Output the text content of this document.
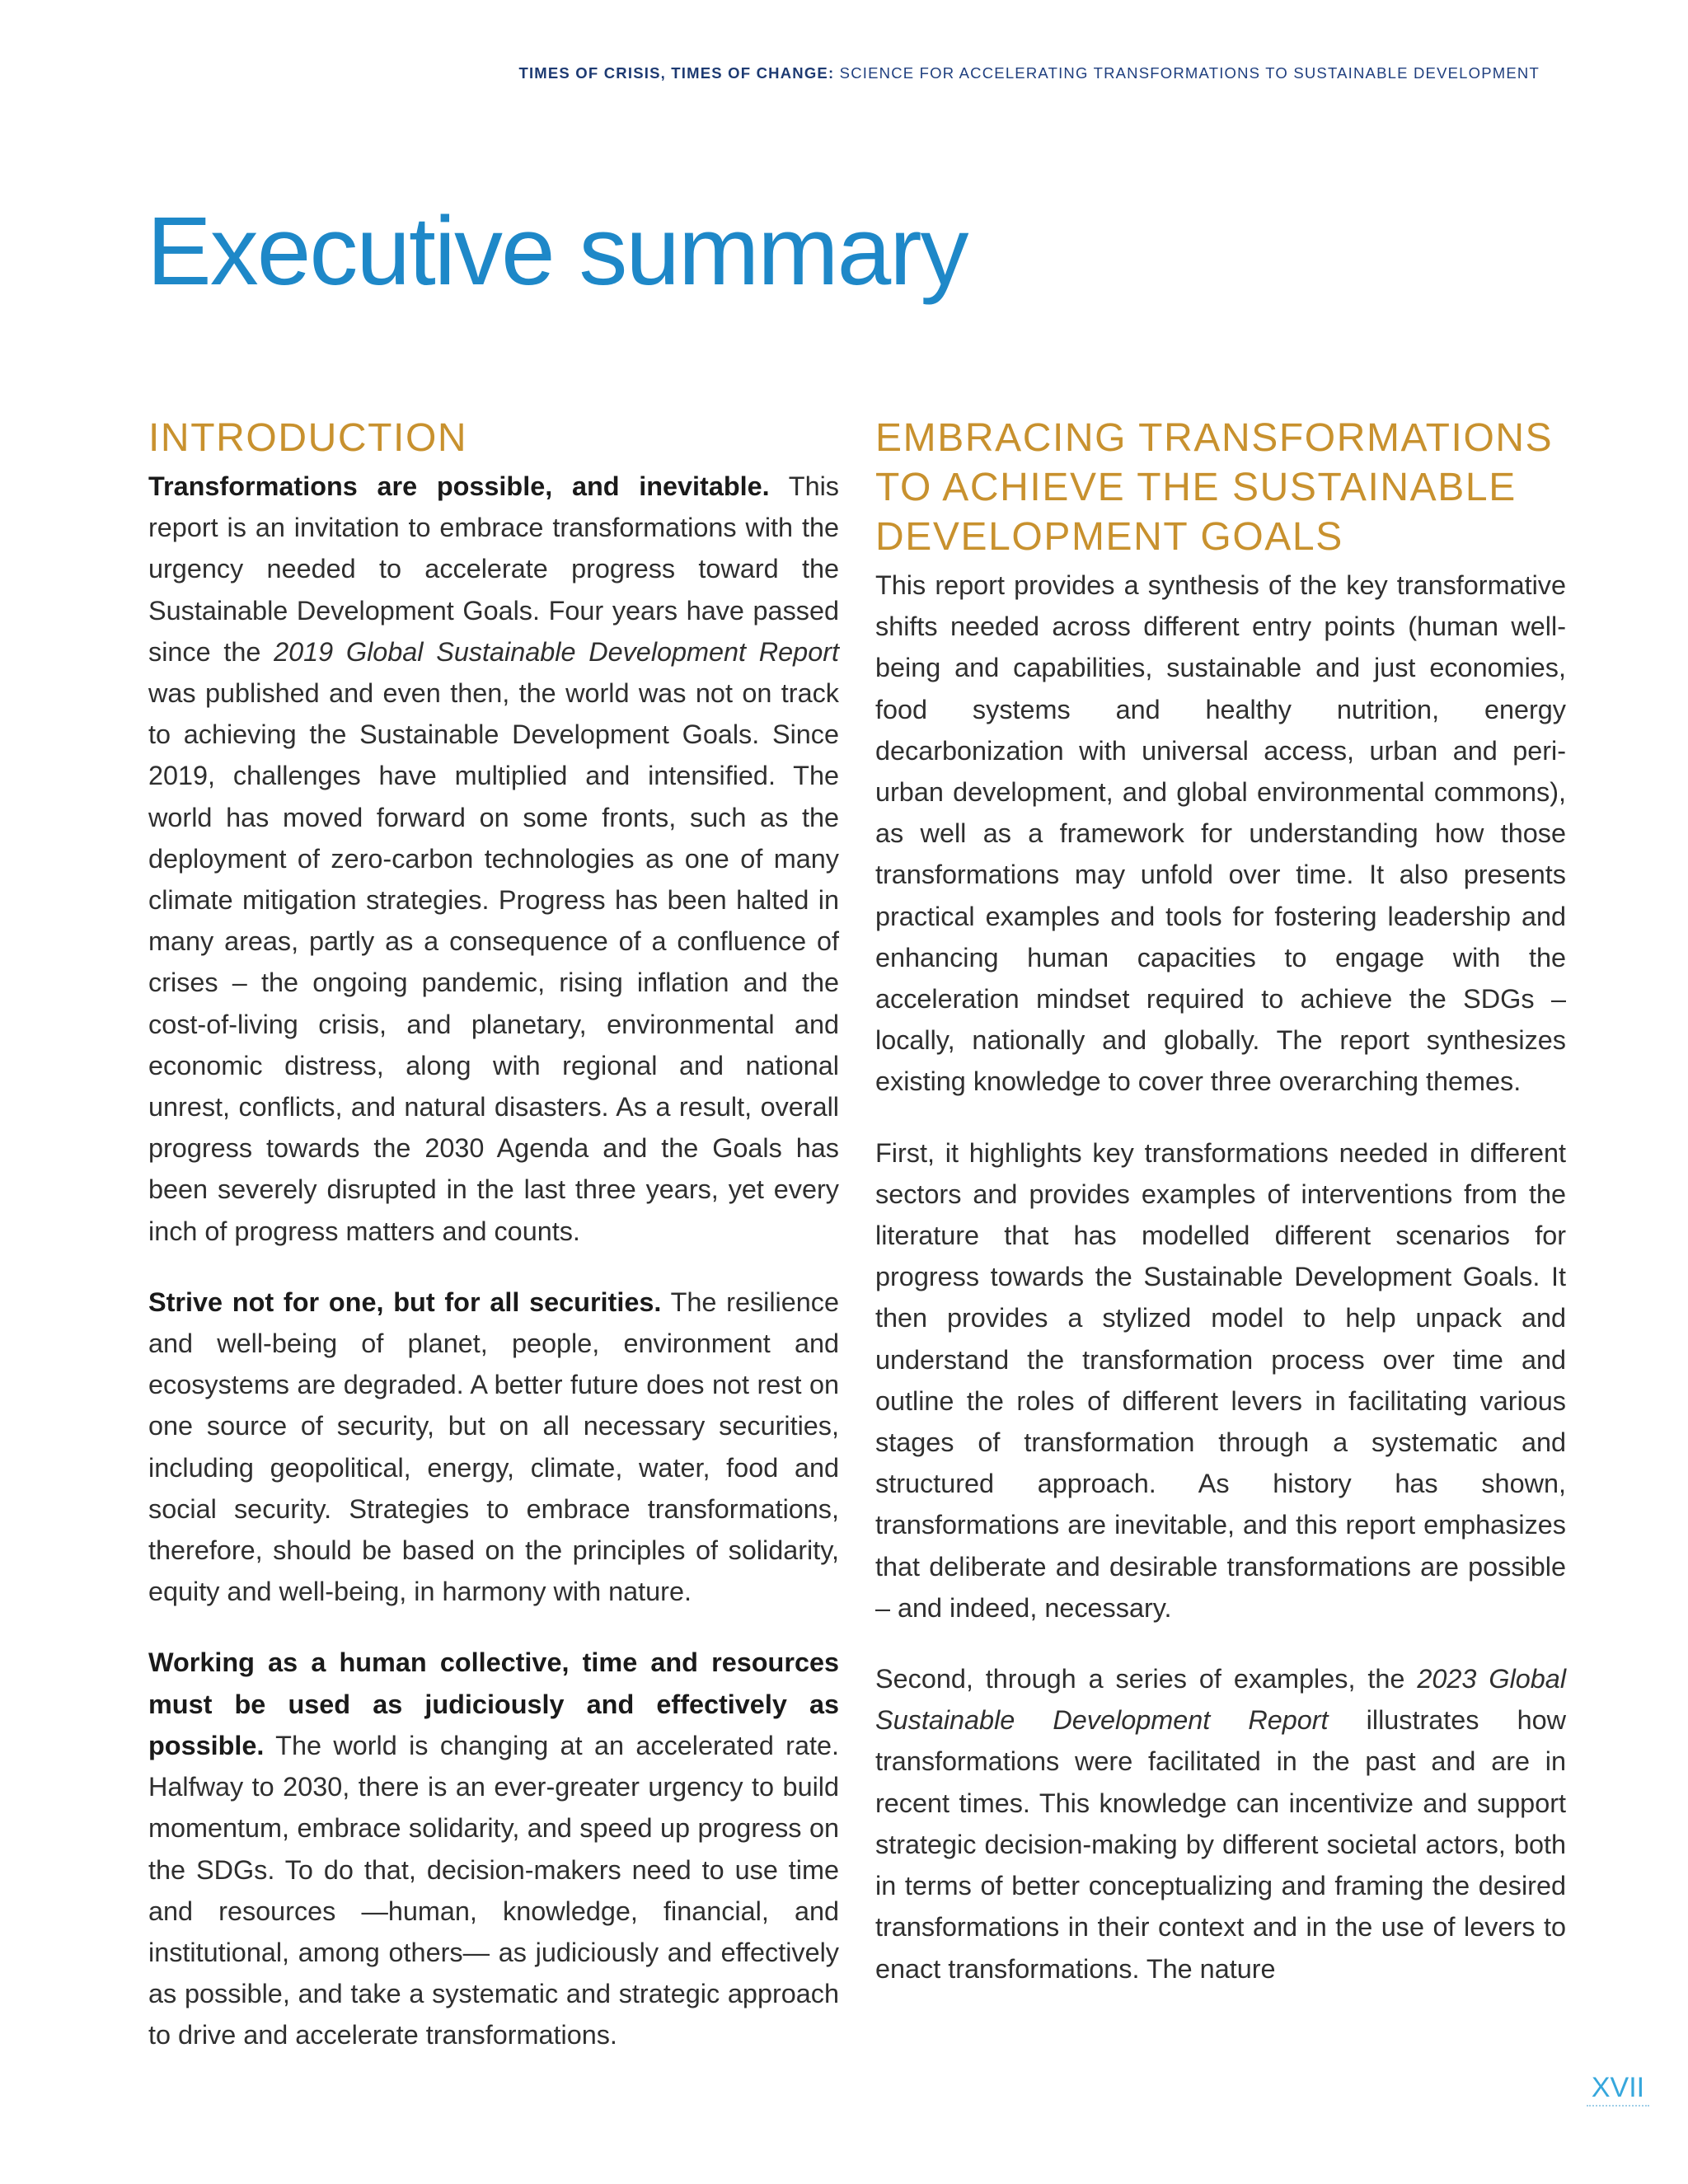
TIMES OF CRISIS, TIMES OF CHANGE: SCIENCE FOR ACCELERATING TRANSFORMATIONS TO SUSTAINABLE DEVELOPMENT
Executive summary
INTRODUCTION

Transformations are possible, and inevitable. This report is an invitation to embrace transformations with the urgency needed to accelerate progress toward the Sustainable Development Goals. Four years have passed since the 2019 Global Sustainable Development Report was published and even then, the world was not on track to achieving the Sustainable Development Goals. Since 2019, challenges have multiplied and intensified. The world has moved forward on some fronts, such as the deployment of zero-carbon technologies as one of many climate mitigation strategies. Progress has been halted in many areas, partly as a consequence of a confluence of crises – the ongoing pandemic, rising inflation and the cost-of-living crisis, and planetary, environmental and economic distress, along with regional and national unrest, conflicts, and natural disasters. As a result, overall progress towards the 2030 Agenda and the Goals has been severely disrupted in the last three years, yet every inch of progress matters and counts.

Strive not for one, but for all securities. The resilience and well-being of planet, people, environment and ecosystems are degraded. A better future does not rest on one source of security, but on all necessary securities, including geopolitical, energy, climate, water, food and social security. Strategies to embrace transformations, therefore, should be based on the principles of solidarity, equity and well-being, in harmony with nature.

Working as a human collective, time and resources must be used as judiciously and effectively as possible. The world is changing at an accelerated rate. Halfway to 2030, there is an ever-greater urgency to build momentum, embrace solidarity, and speed up progress on the SDGs. To do that, decision-makers need to use time and resources —human, knowledge, financial, and institutional, among others— as judiciously and effectively as possible, and take a systematic and strategic approach to drive and accelerate transformations.

EMBRACING TRANSFORMATIONS TO ACHIEVE THE SUSTAINABLE DEVELOPMENT GOALS

This report provides a synthesis of the key transformative shifts needed across different entry points (human well-being and capabilities, sustainable and just economies, food systems and healthy nutrition, energy decarbonization with universal access, urban and peri-urban development, and global environmental commons), as well as a framework for understanding how those transformations may unfold over time. It also presents practical examples and tools for fostering leadership and enhancing human capacities to engage with the acceleration mindset required to achieve the SDGs – locally, nationally and globally. The report synthesizes existing knowledge to cover three overarching themes.

First, it highlights key transformations needed in different sectors and provides examples of interventions from the literature that has modelled different scenarios for progress towards the Sustainable Development Goals. It then provides a stylized model to help unpack and understand the transformation process over time and outline the roles of different levers in facilitating various stages of transformation through a systematic and structured approach. As history has shown, transformations are inevitable, and this report emphasizes that deliberate and desirable transformations are possible – and indeed, necessary.

Second, through a series of examples, the 2023 Global Sustainable Development Report illustrates how transformations were facilitated in the past and are in recent times. This knowledge can incentivize and support strategic decision-making by different societal actors, both in terms of better conceptualizing and framing the desired transformations in their context and in the use of levers to enact transformations. The nature

XVII
